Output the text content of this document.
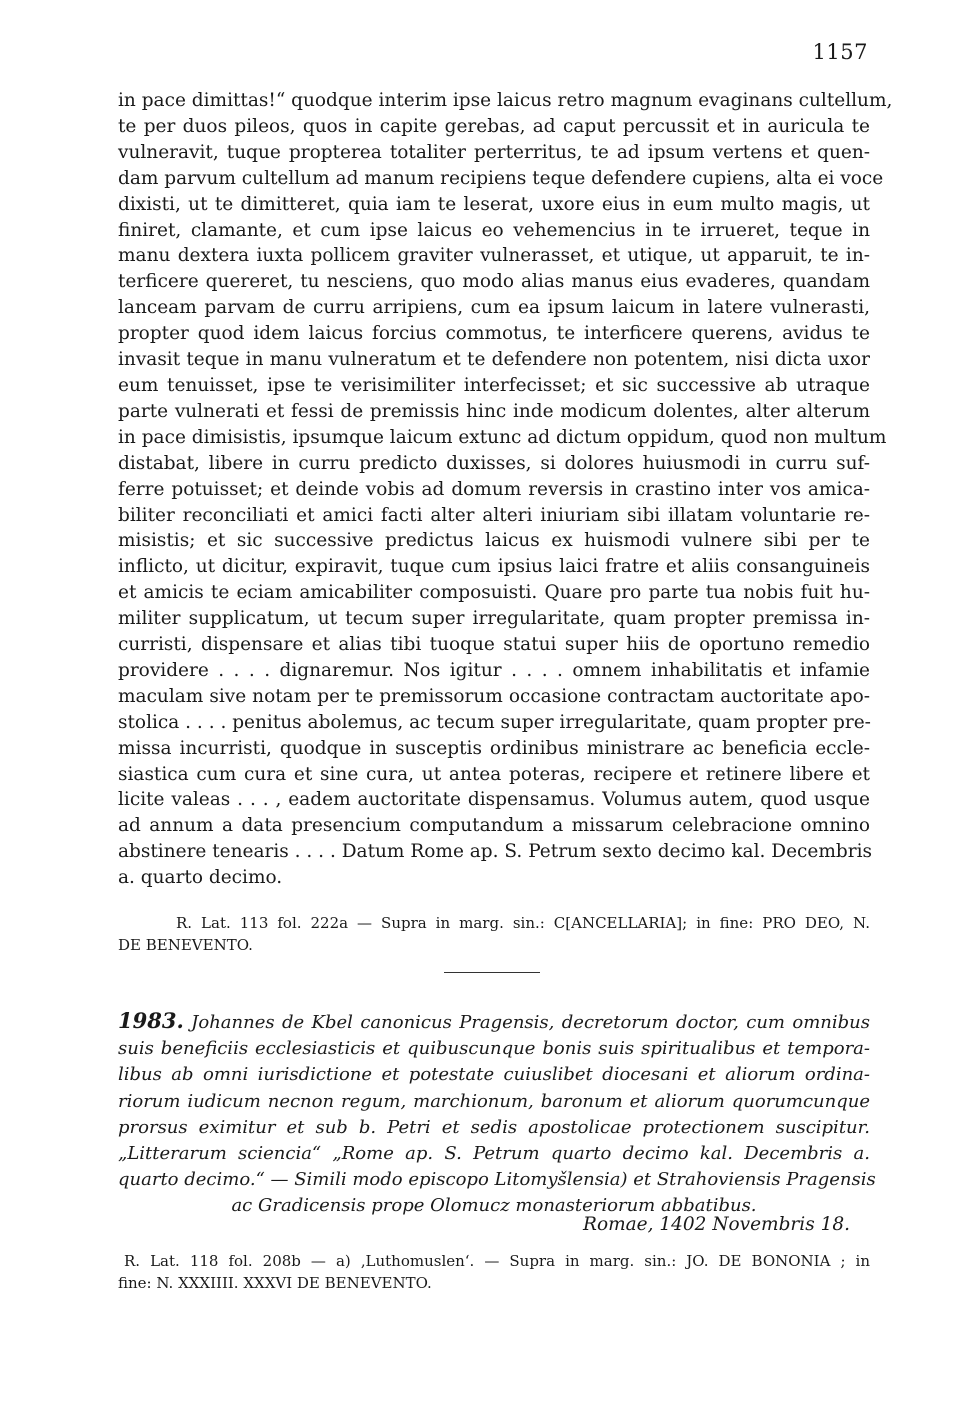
1157
in pace dimittas!“ quodque interim ipse laicus retro magnum evaginans cultellum,
te per duos pileos, quos in capite gerebas, ad caput percussit et in auricula te
vulneravit, tuque propterea totaliter perterritus, te ad ipsum vertens et quen-
dam parvum cultellum ad manum recipiens teque defendere cupiens, alta ei voce
dixisti, ut te dimitteret, quia iam te leserat, uxore eius in eum multo magis, ut
finiret, clamante, et cum ipse laicus eo vehemencius in te irrueret, teque in
manu dextera iuxta pollicem graviter vulnerasset, et utique, ut apparuit, te in-
terficere quereret, tu nesciens, quo modo alias manus eius evaderes, quandam
lanceam parvam de curru arripiens, cum ea ipsum laicum in latere vulnerasti,
propter quod idem laicus forcius commotus, te interficere querens, avidus te
invasit teque in manu vulneratum et te defendere non potentem, nisi dicta uxor
eum tenuisset, ipse te verisimiliter interfecisset; et sic successive ab utraque
parte vulnerati et fessi de premissis hinc inde modicum dolentes, alter alterum
in pace dimisistis, ipsumque laicum extunc ad dictum oppidum, quod non multum
distabat, libere in curru predicto duxisses, si dolores huiusmodi in curru suf-
ferre potuisset; et deinde vobis ad domum reversis in crastino inter vos amica-
biliter reconciliati et amici facti alter alteri iniuriam sibi illatam voluntarie re-
misistis; et sic successive predictus laicus ex huismodi vulnere sibi per te
inflicto, ut dicitur, expiravit, tuque cum ipsius laici fratre et aliis consanguineis
et amicis te eciam amicabiliter composuisti. Quare pro parte tua nobis fuit hu-
militer supplicatum, ut tecum super irregularitate, quam propter premissa in-
curristi, dispensare et alias tibi tuoque statui super hiis de oportuno remedio
providere . . . . dignaremur. Nos igitur . . . . omnem inhabilitatis et infamie
maculam sive notam per te premissorum occasione contractam auctoritate apo-
stolica . . . . penitus abolemus, ac tecum super irregularitate, quam propter pre-
missa incurristi, quodque in susceptis ordinibus ministrare ac beneficia eccle-
siastica cum cura et sine cura, ut antea poteras, recipere et retinere libere et
licite valeas . . . , eadem auctoritate dispensamus. Volumus autem, quod usque
ad annum a data presencium computandum a missarum celebracione omnino
abstinere tenearis . . . . Datum Rome ap. S. Petrum sexto decimo kal. Decembris
a. quarto decimo.
R. Lat. 113 fol. 222a — Supra in marg. sin.: C[ANCELLARIA]; in fine: PRO DEO, N.
DE BENEVENTO.
1983. Johannes de Kbel canonicus Pragensis, decretorum doctor, cum omnibus
suis beneficiis ecclesiasticis et quibuscunque bonis suis spiritualibus et tempora-
libus ab omni iurisdictione et potestate cuiuslibet diocesani et aliorum ordina-
riorum iudicum necnon regum, marchionum, baronum et aliorum quorumcunque
prorsus eximitur et sub b. Petri et sedis apostolicae protectionem suscipitur.
„Litterarum sciencia“ „Rome ap. S. Petrum quarto decimo kal. Decembris a.
quarto decimo.“ — Simili modo episcopo Litomyšlensia) et Strahoviensis Pragensis
ac Gradicensis prope Olomucz monasteriorum abbatibus.
Romae, 1402 Novembris 18.
R. Lat. 118 fol. 208b — a) ‚Luthomuslen‘. — Supra in marg. sin.: JO. DE BONONIA ; in
fine: N. XXXIIII. XXXVI DE BENEVENTO.
